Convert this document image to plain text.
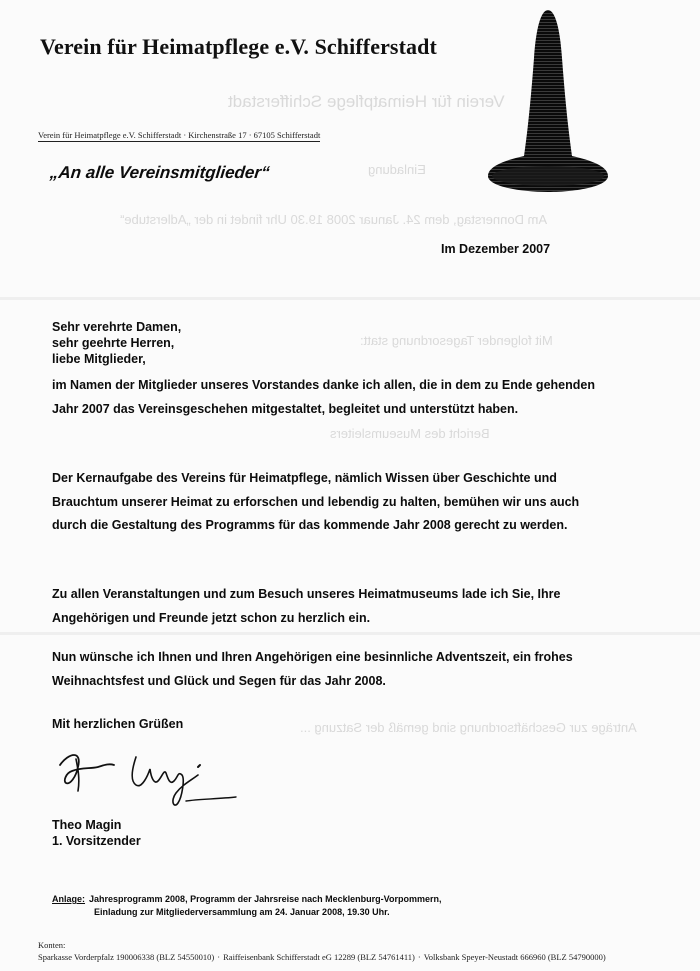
Verein für Heimatpflege Schifferstadt
Einladung
Am Donnerstag, dem 24. Januar 2008 19.30 Uhr findet in der „Adlerstube“
Mit folgender Tagesordnung statt:
Bericht des Museumsleiters
Anträge zur Geschäftsordnung sind gemäß der Satzung ...
Verein für Heimatpflege e.V. Schifferstadt
Verein für Heimatpflege e.V. Schifferstadt · Kirchenstraße 17 · 67105 Schifferstadt
„An alle Vereinsmitglieder“
Im Dezember 2007
Sehr verehrte Damen,
sehr geehrte Herren,
liebe Mitglieder,
im Namen der Mitglieder unseres Vorstandes danke ich allen, die in dem zu Ende gehenden Jahr 2007 das Vereinsgeschehen mitgestaltet, begleitet und unterstützt haben.
Der Kernaufgabe des Vereins für Heimatpflege, nämlich Wissen über Geschichte und Brauchtum unserer Heimat zu erforschen und lebendig zu halten, bemühen wir uns auch durch die Gestaltung des Programms für das kommende Jahr 2008 gerecht zu werden.
Zu allen Veranstaltungen und zum Besuch unseres Heimatmuseums lade ich Sie, Ihre Angehörigen und Freunde jetzt schon zu herzlich ein.
Nun wünsche ich Ihnen und Ihren Angehörigen eine besinnliche Adventszeit, ein frohes Weihnachtsfest und Glück und Segen für das Jahr 2008.
Mit herzlichen Grüßen
Theo Magin
1. Vorsitzender
Anlage: Jahresprogramm 2008, Programm der Jahrsreise nach Mecklenburg-Vorpommern,
Einladung zur Mitgliederversammlung am 24. Januar 2008, 19.30 Uhr.
Konten:
Sparkasse Vorderpfalz 190006338 (BLZ 54550010) · Raiffeisenbank Schifferstadt eG 12289 (BLZ 54761411) · Volksbank Speyer-Neustadt 666960 (BLZ 54790000)
